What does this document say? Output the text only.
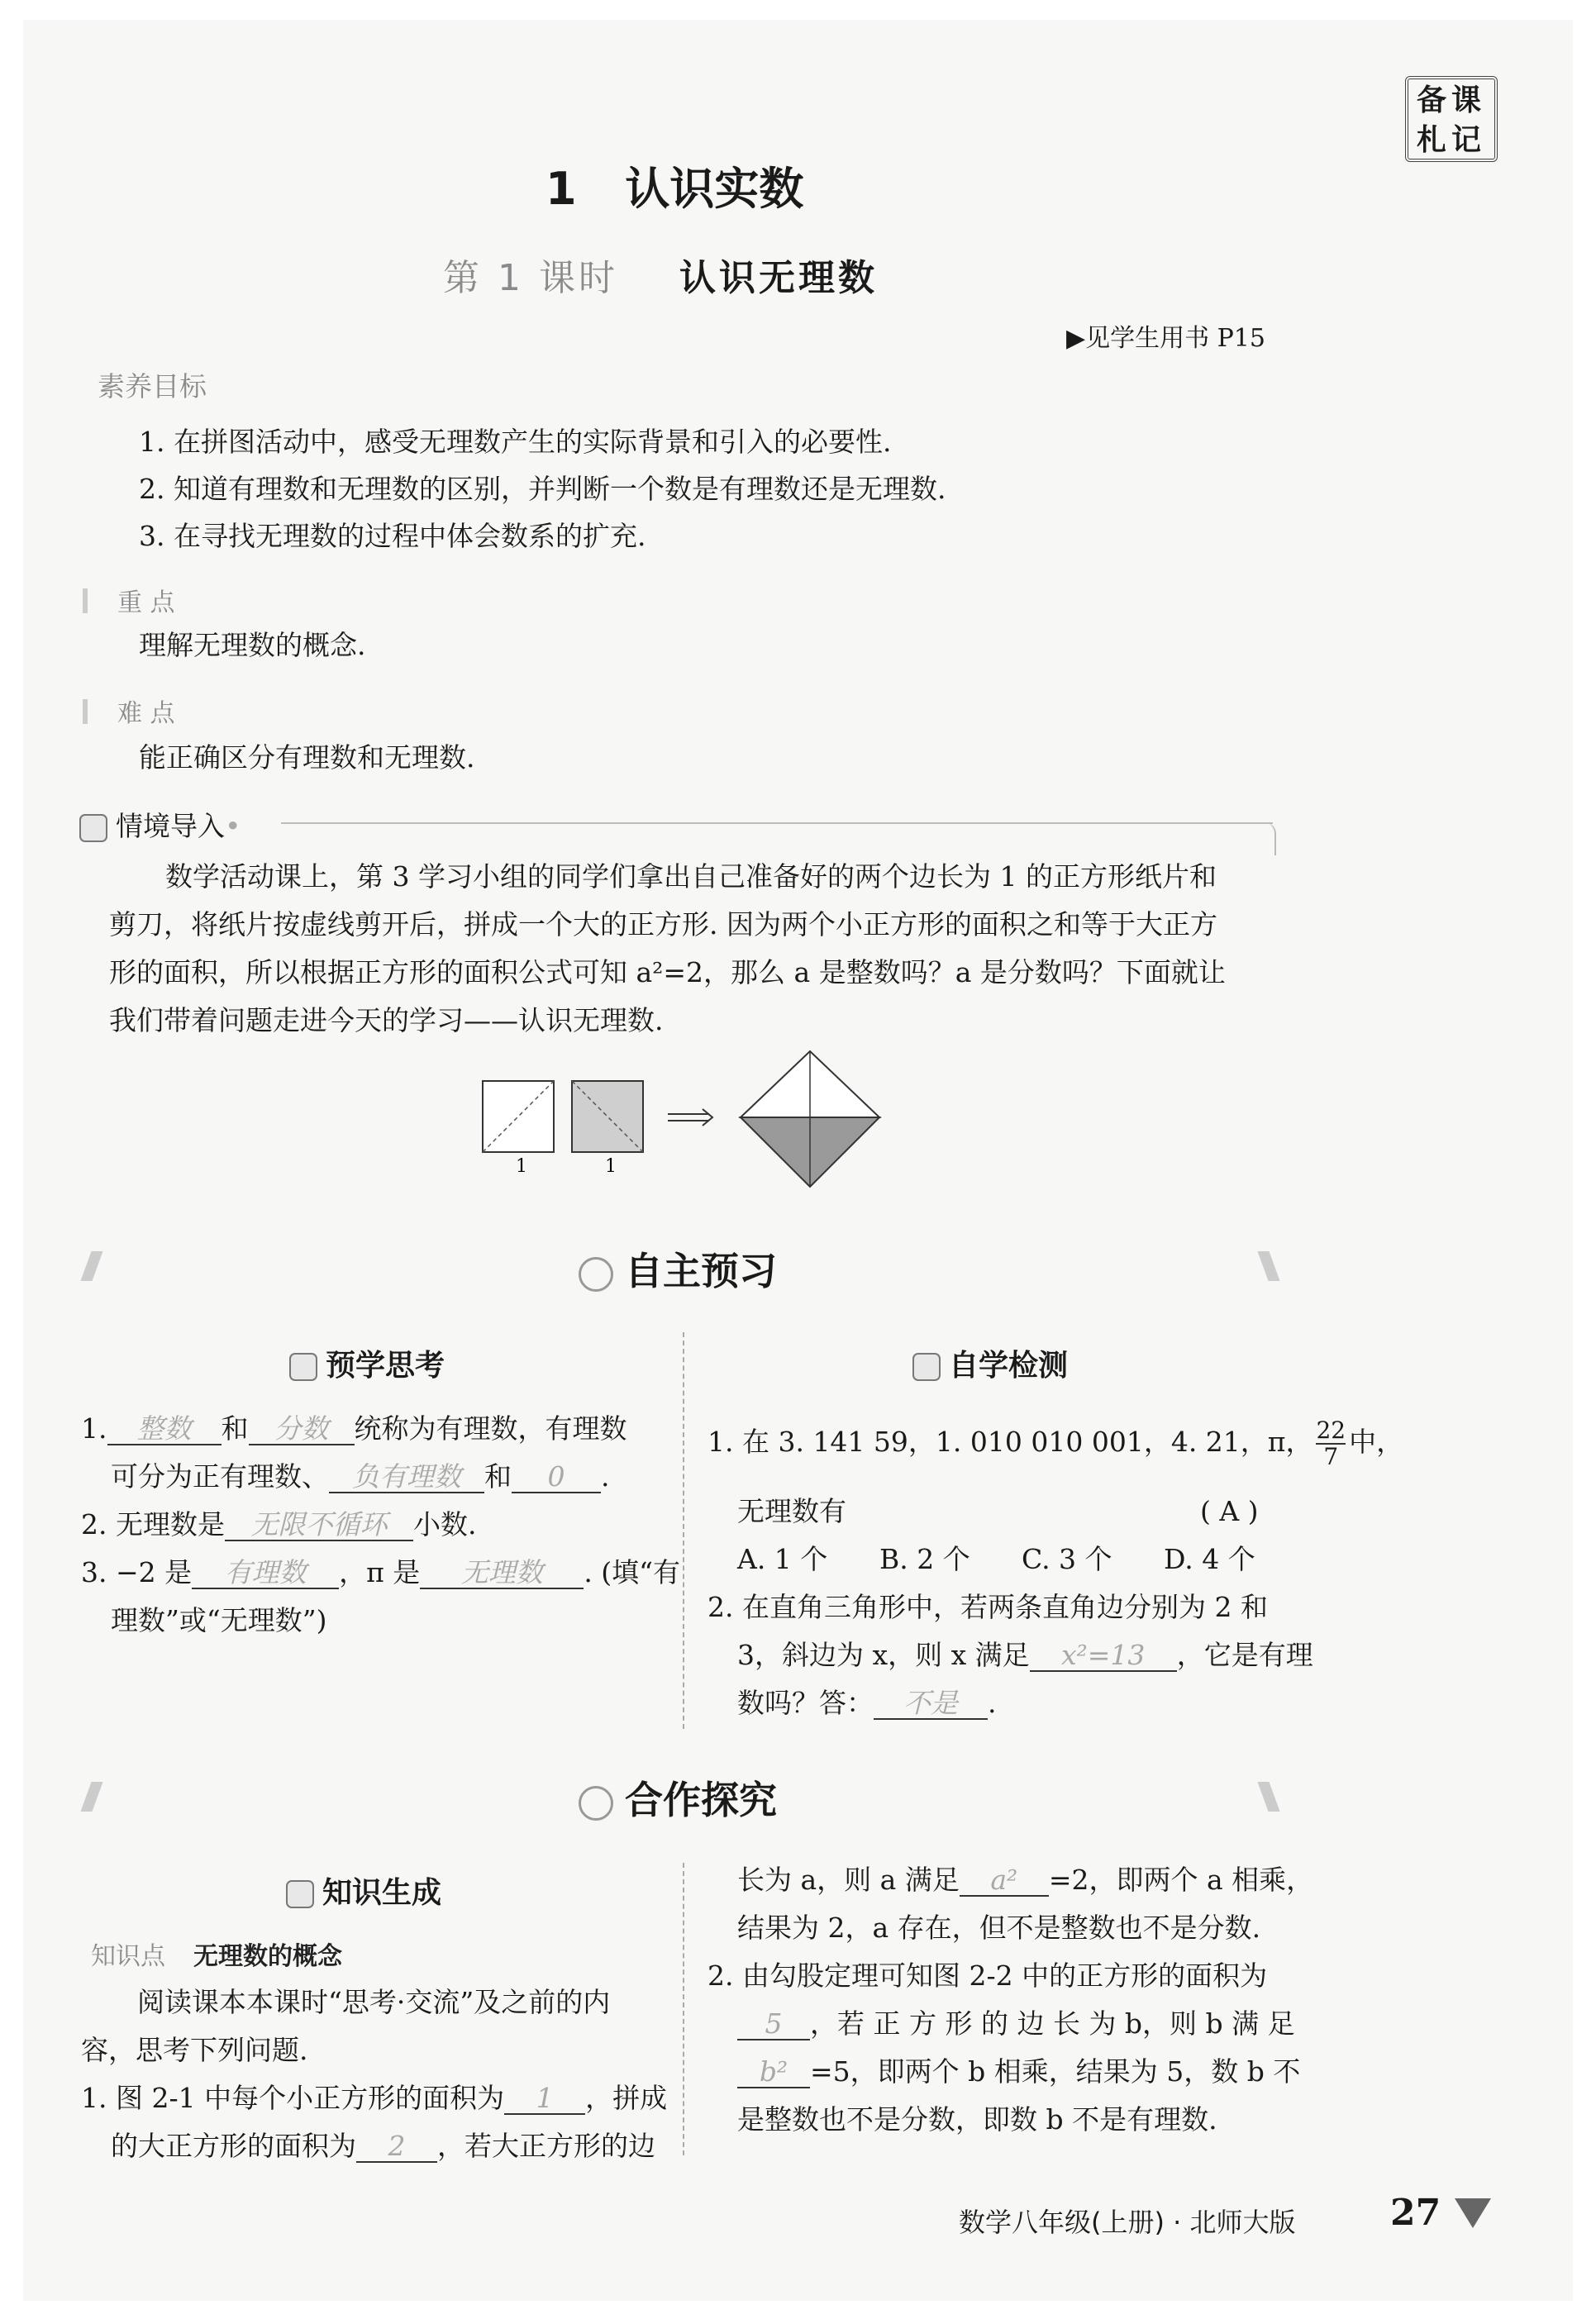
备课札记
1 认识实数
第 1 课时 认识无理数
▶见学生用书 P15
素养目标
1. 在拼图活动中，感受无理数产生的实际背景和引入的必要性.
2. 知道有理数和无理数的区别，并判断一个数是有理数还是无理数.
3. 在寻找无理数的过程中体会数系的扩充.
重 点
理解无理数的概念.
难 点
能正确区分有理数和无理数.
情境导入•
数学活动课上，第 3 学习小组的同学们拿出自己准备好的两个边长为 1 的正方形纸片和
剪刀，将纸片按虚线剪开后，拼成一个大的正方形. 因为两个小正方形的面积之和等于大正方
形的面积，所以根据正方形的面积公式可知 a²=2，那么 a 是整数吗？a 是分数吗？下面就让
我们带着问题走进今天的学习——认识无理数.
1	1
自主预习
预学思考
1. 整数 和 分数 统称为有理数，有理数
可分为正有理数、 负有理数 和 0 .
2. 无理数是 无限不循环 小数.
3. −2 是 有理数 ，π 是 无理数 . (填“有
理数”或“无理数”)
自学检测
1. 在 3. 141 59，1. 010 010 001，4. 21，π， $\frac{22}{7}$ 中，
无理数有	( A )
A. 1 个 B. 2 个 C. 3 个 D. 4 个
2. 在直角三角形中，若两条直角边分别为 2 和
3，斜边为 x，则 x 满足 x²=13 ，它是有理
数吗？答： 不是 .
合作探究
知识生成
知识点 无理数的概念
阅读课本本课时“思考·交流”及之前的内
容，思考下列问题.
1. 图 2-1 中每个小正方形的面积为 1 ，拼成
的大正方形的面积为 2 ，若大正方形的边
长为 a，则 a 满足 a² =2，即两个 a 相乘，
结果为 2，a 存在，但不是整数也不是分数.
2. 由勾股定理可知图 2-2 中的正方形的面积为
5 ，若 正 方 形 的 边 长 为 b，则 b 满 足
b² =5，即两个 b 相乘，结果为 5，数 b 不
是整数也不是分数，即数 b 不是有理数.
数学八年级(上册) · 北师大版	27
